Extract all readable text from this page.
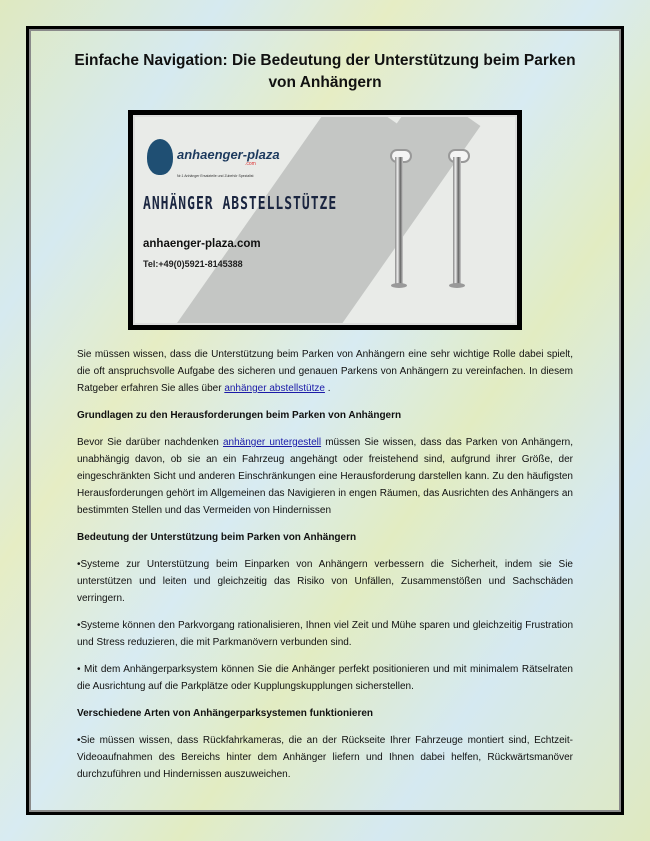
Einfache Navigation: Die Bedeutung der Unterstützung beim Parken von Anhängern
anhaenger-plaza
.com
Nr.1 Anhänger Ersatzteile und Zubehör Spezialist
ANHÄNGER ABSTELLSTÜTZE
anhaenger-plaza.com
Tel:+49(0)5921-8145388

Sie müssen wissen, dass die Unterstützung beim Parken von Anhängern eine sehr wichtige Rolle dabei spielt, die oft anspruchsvolle Aufgabe des sicheren und genauen Parkens von Anhängern zu vereinfachen. In diesem Ratgeber erfahren Sie alles über anhänger abstellstütze .

Grundlagen zu den Herausforderungen beim Parken von Anhängern

Bevor Sie darüber nachdenken anhänger untergestell müssen Sie wissen, dass das Parken von Anhängern, unabhängig davon, ob sie an ein Fahrzeug angehängt oder freistehend sind, aufgrund ihrer Größe, der eingeschränkten Sicht und anderen Einschränkungen eine Herausforderung darstellen kann. Zu den häufigsten Herausforderungen gehört im Allgemeinen das Navigieren in engen Räumen, das Ausrichten des Anhängers an bestimmten Stellen und das Vermeiden von Hindernissen

Bedeutung der Unterstützung beim Parken von Anhängern

•Systeme zur Unterstützung beim Einparken von Anhängern verbessern die Sicherheit, indem sie Sie unterstützen und leiten und gleichzeitig das Risiko von Unfällen, Zusammenstößen und Sachschäden verringern.

•Systeme können den Parkvorgang rationalisieren, Ihnen viel Zeit und Mühe sparen und gleichzeitig Frustration und Stress reduzieren, die mit Parkmanövern verbunden sind.

• Mit dem Anhängerparksystem können Sie die Anhänger perfekt positionieren und mit minimalem Rätselraten die Ausrichtung auf die Parkplätze oder Kupplungskupplungen sicherstellen.

Verschiedene Arten von Anhängerparksystemen funktionieren

•Sie müssen wissen, dass Rückfahrkameras, die an der Rückseite Ihrer Fahrzeuge montiert sind, Echtzeit-Videoaufnahmen des Bereichs hinter dem Anhänger liefern und Ihnen dabei helfen, Rückwärtsmanöver durchzuführen und Hindernissen auszuweichen.
